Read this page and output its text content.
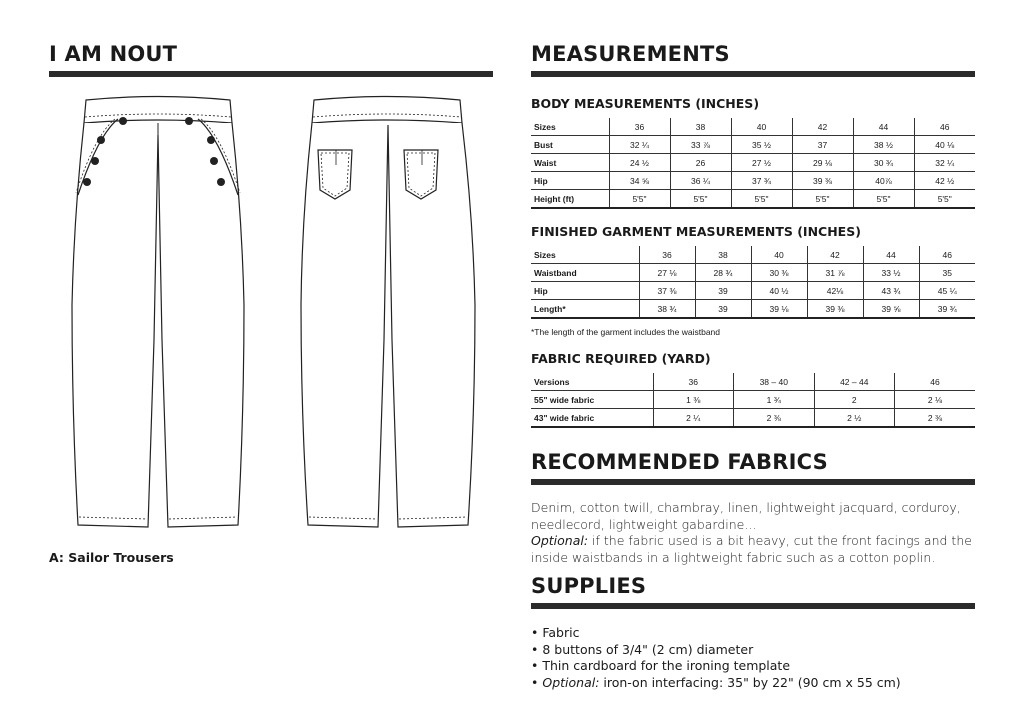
I AM NOUT
A: Sailor Trousers
MEASUREMENTS
BODY MEASUREMENTS (INCHES)
Sizes	36	38	40	42	44	46
Bust	32 ¼	33 ⅞	35 ½	37	38 ½	40 ⅛
Waist	24 ½	26	27 ½	29 ⅛	30 ¾	32 ¼
Hip	34 ⅝	36 ¼	37 ¾	39 ⅜	40⅞	42 ½
Height (ft)	5'5"	5'5"	5'5"	5'5"	5'5"	5'5"
FINISHED GARMENT MEASUREMENTS (INCHES)
Sizes	36	38	40	42	44	46
Waistband	27 ⅛	28 ¾	30 ⅜	31 ⅞	33 ½	35
Hip	37 ⅜	39	40 ½	42⅛	43 ¾	45 ¼
Length*	38 ¾	39	39 ⅛	39 ⅜	39 ⅝	39 ¾
*The length of the garment includes the waistband
FABRIC REQUIRED (YARD)
Versions	36	38 – 40	42 – 44	46
55" wide fabric	1 ⅜	1 ¾	2	2 ⅛
43" wide fabric	2 ¼	2 ⅜	2 ½	2 ⅜
RECOMMENDED FABRICS
Denim, cotton twill, chambray, linen, lightweight jacquard, corduroy,
needlecord, lightweight gabardine...
Optional: if the fabric used is a bit heavy, cut the front facings and the
inside waistbands in a lightweight fabric such as a cotton poplin.
SUPPLIES
• Fabric
• 8 buttons of 3/4" (2 cm) diameter
• Thin cardboard for the ironing template
• Optional: iron-on interfacing: 35" by 22" (90 cm x 55 cm)
